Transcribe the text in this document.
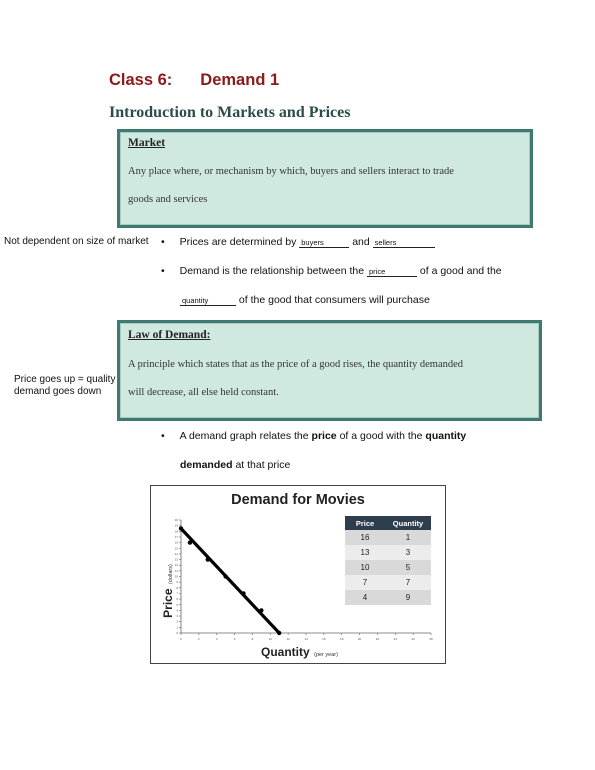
Class 6: Demand 1
Introduction to Markets and Prices
Market
Any place where, or mechanism by which, buyers and sellers interact to trade
goods and services
Not dependent on size of market • Prices are determined by buyers	and sellers
• Demand is the relationship between the price	of a good and the
quantity	of the good that consumers will purchase
Law of Demand:
A principle which states that as the price of a good rises, the quantity demanded
will decrease, all else held constant.
Price goes up = quality demand goes down
• A demand graph relates the price of a good with the quantity
demanded at that price
Demand for Movies
0	2	4	6	8	10	12	14	16	18	20	22	24	26	28
0
1
2
3
4
5
6
7
8
9
10
11
12
13
14
15
16
17
18
19
20
Price (dollars)
Quantity (per year)
Price	Quantity
16	1
13	3
10	5
7	7
4	9
